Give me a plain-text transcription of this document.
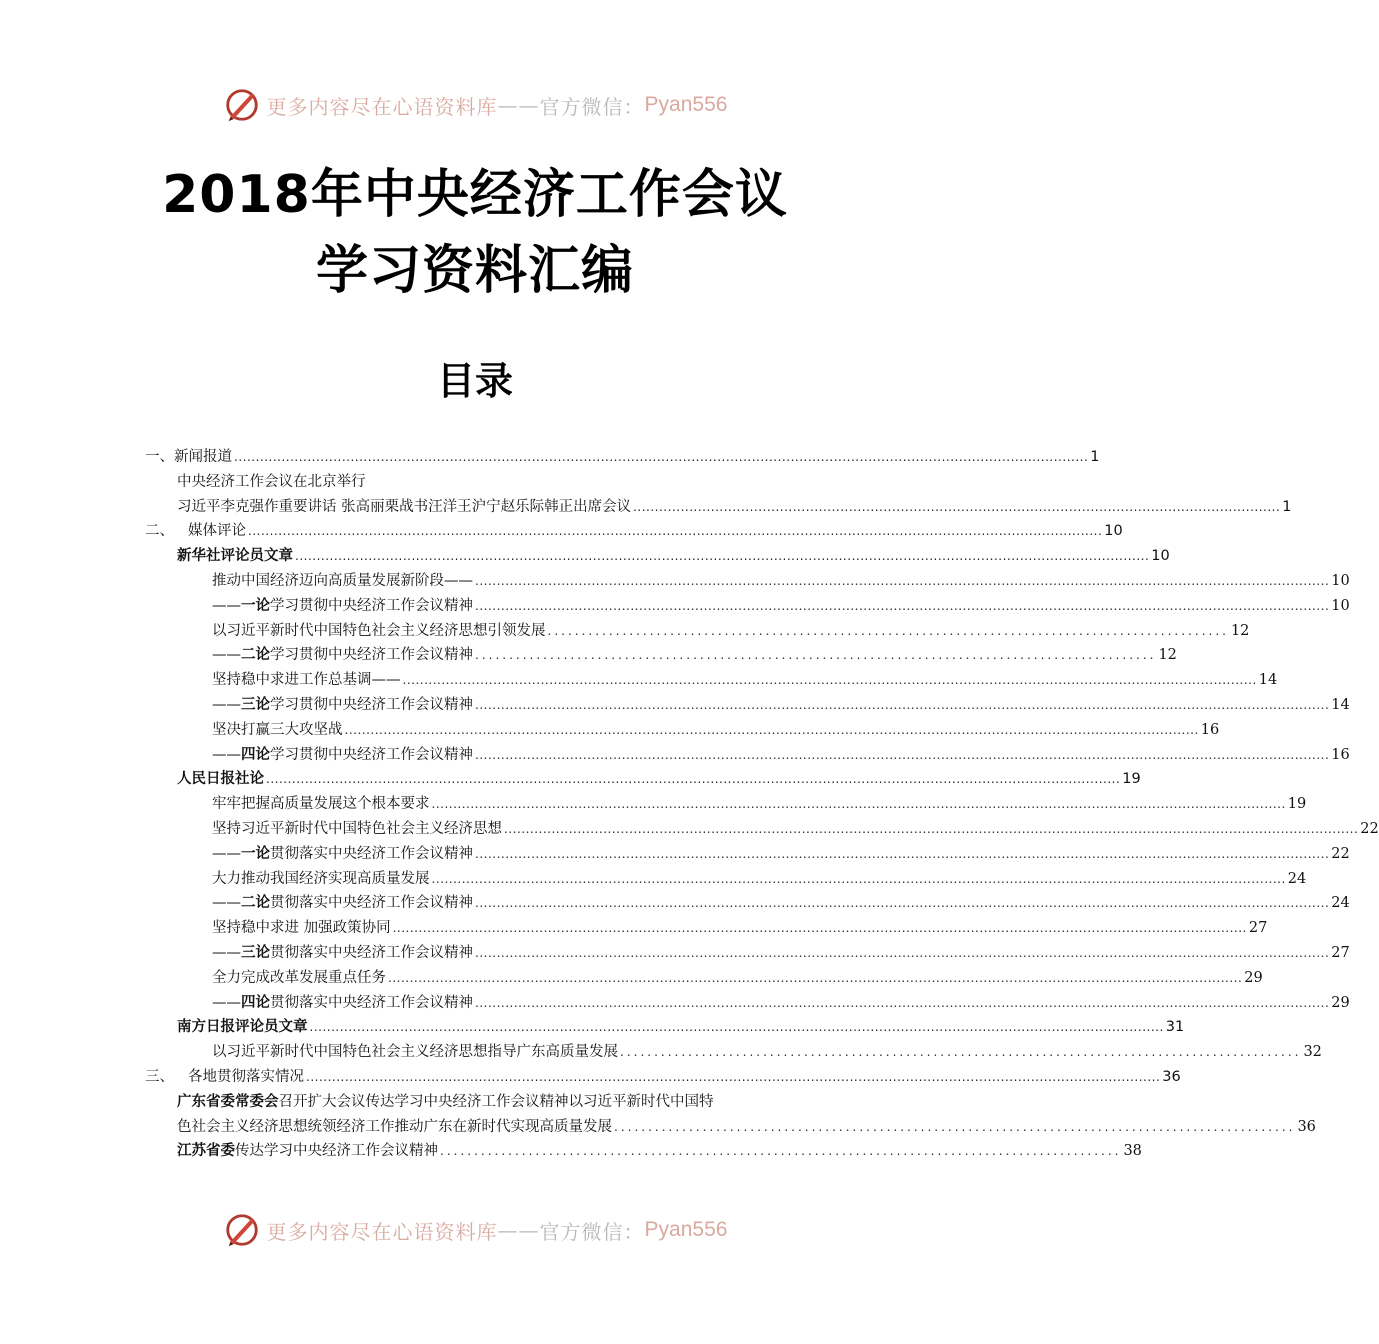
更多内容尽在心语资料库 —— 官方微信： Pyan556
2018年中央经济工作会议
学习资料汇编
目录
一、新闻报道 ...................................................................................................................................................................................................... 1
中央经济工作会议在北京举行
习近平李克强作重要讲话 张高丽栗战书汪洋王沪宁赵乐际韩正出席会议 ...................................................................................................................................................... 1
二、 媒体评论 ...................................................................................................................................................................................................... 10
新华社评论员文章 ...................................................................................................................................................................................................... 10
推动中国经济迈向高质量发展新阶段—— ...................................................................................................................................................................................................... 10
——一论学习贯彻中央经济工作会议精神 ...................................................................................................................................................................................................... 10
以习近平新时代中国特色社会主义经济思想引领发展 .................................................................................................... 12
——二论学习贯彻中央经济工作会议精神 .................................................................................................... 12
坚持稳中求进工作总基调—— ...................................................................................................................................................................................................... 14
——三论学习贯彻中央经济工作会议精神 ...................................................................................................................................................................................................... 14
坚决打赢三大攻坚战 ...................................................................................................................................................................................................... 16
——四论学习贯彻中央经济工作会议精神 ...................................................................................................................................................................................................... 16
人民日报社论 ...................................................................................................................................................................................................... 19
牢牢把握高质量发展这个根本要求 ...................................................................................................................................................................................................... 19
坚持习近平新时代中国特色社会主义经济思想 ...................................................................................................................................................................................................... 22
——一论贯彻落实中央经济工作会议精神 ...................................................................................................................................................................................................... 22
大力推动我国经济实现高质量发展 ...................................................................................................................................................................................................... 24
——二论贯彻落实中央经济工作会议精神 ...................................................................................................................................................................................................... 24
坚持稳中求进 加强政策协同 ...................................................................................................................................................................................................... 27
——三论贯彻落实中央经济工作会议精神 ...................................................................................................................................................................................................... 27
全力完成改革发展重点任务 ...................................................................................................................................................................................................... 29
——四论贯彻落实中央经济工作会议精神 ...................................................................................................................................................................................................... 29
南方日报评论员文章 ...................................................................................................................................................................................................... 31
以习近平新时代中国特色社会主义经济思想指导广东高质量发展 .................................................................................................... 32
三、 各地贯彻落实情况 ...................................................................................................................................................................................................... 36
广东省委常委会召开扩大会议传达学习中央经济工作会议精神以习近平新时代中国特
色社会主义经济思想统领经济工作推动广东在新时代实现高质量发展 .................................................................................................... 36
江苏省委传达学习中央经济工作会议精神 .................................................................................................... 38
更多内容尽在心语资料库 —— 官方微信： Pyan556
